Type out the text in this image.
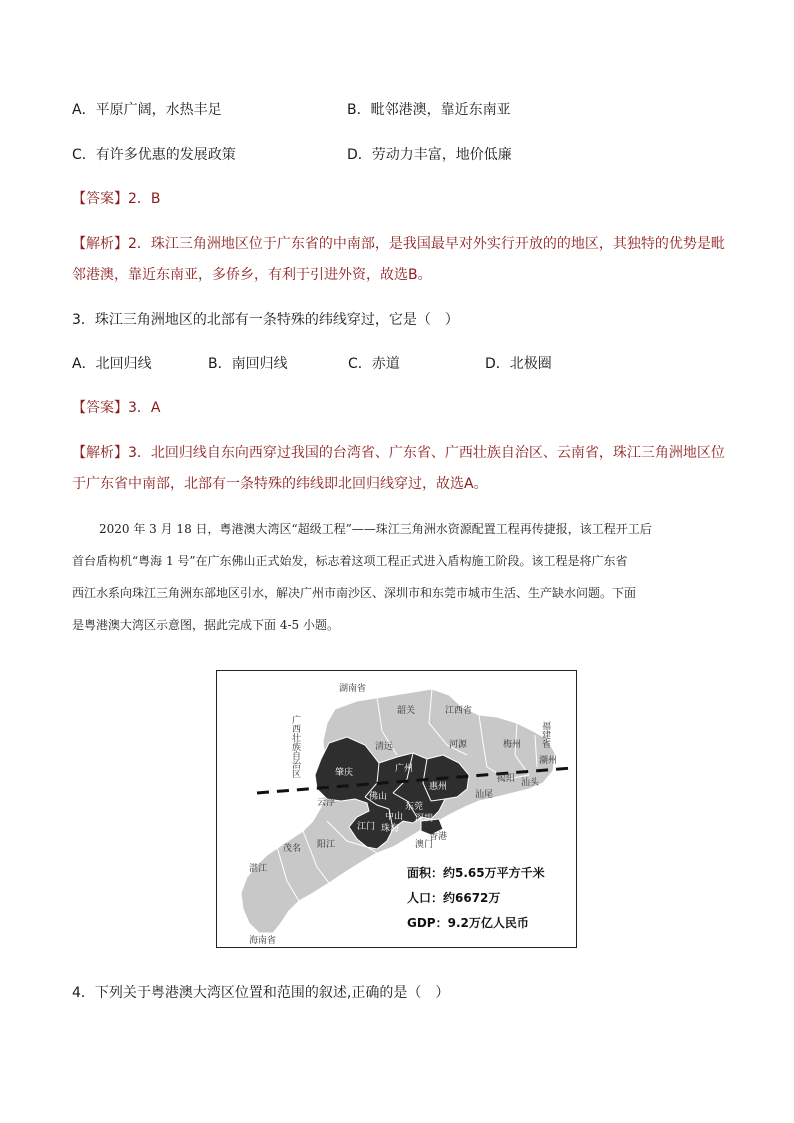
A．平原广阔，水热丰足	B．毗邻港澳，靠近东南亚
C．有许多优惠的发展政策	D．劳动力丰富，地价低廉
【答案】2．B
【解析】2．珠江三角洲地区位于广东省的中南部，是我国最早对外实行开放的的地区，其独特的优势是毗
邻港澳，靠近东南亚，多侨乡，有利于引进外资，故选B。
3．珠江三角洲地区的北部有一条特殊的纬线穿过，它是（　）
A．北回归线	B．南回归线	C．赤道	D．北极圈
【答案】3．A
【解析】3．北回归线自东向西穿过我国的台湾省、广东省、广西壮族自治区、云南省，珠江三角洲地区位
于广东省中南部，北部有一条特殊的纬线即北回归线穿过，故选A。
2020 年 3 月 18 日，粤港澳大湾区“超级工程”——珠江三角洲水资源配置工程再传捷报，该工程开工后
首台盾构机“粤海 1 号”在广东佛山正式始发，标志着这项工程正式进入盾构施工阶段。该工程是将广东省
西江水系向珠江三角洲东部地区引水，解决广州市南沙区、深圳市和东莞市城市生活、生产缺水问题。下面
是粤港澳大湾区示意图，据此完成下面 4-5 小题。
湖南省
江西省
福建省
广西壮族自治区
海南省
韶关
清远	河源	梅州
潮州
汕头
揭阳
汕尾
云浮
茂名 阳江
湛江
澳门
香港
肇庆	广州
惠州
佛山
东莞
深圳
中山
珠海
江门
面积：约5.65万平方千米
人口：约6672万
GDP：9.2万亿人民币
4．下列关于粤港澳大湾区位置和范围的叙述,正确的是（　）
